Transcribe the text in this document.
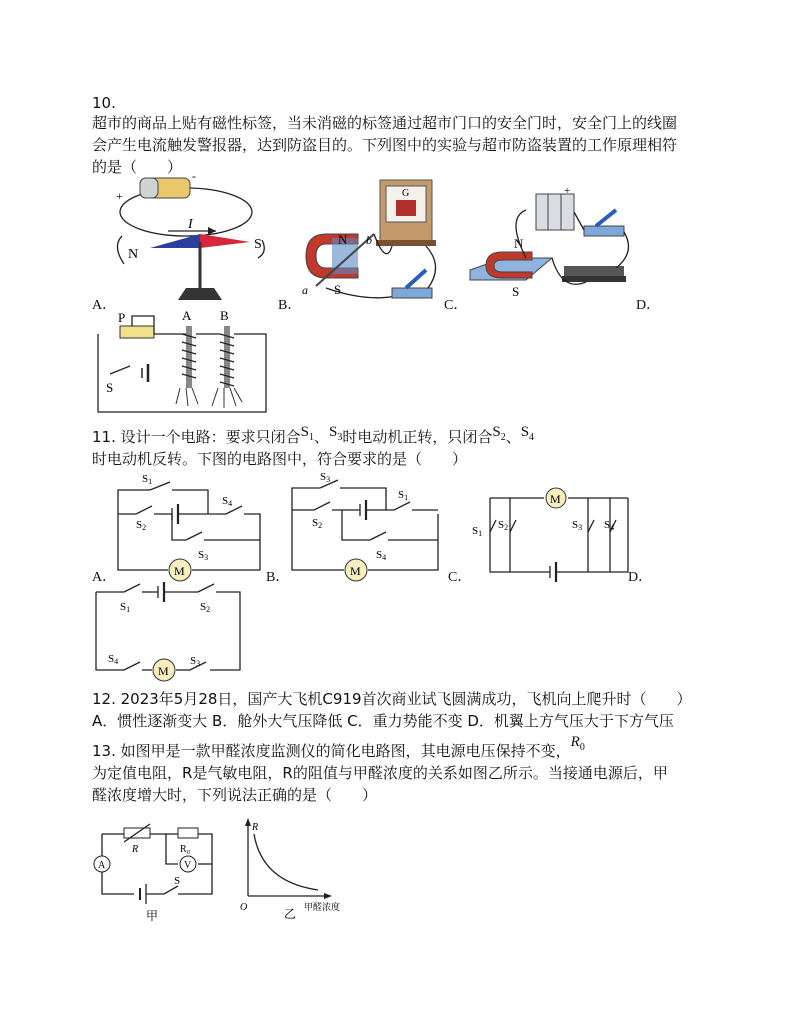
10.
超市的商品上贴有磁性标签，当未消磁的标签通过超市门口的安全门时，安全门上的线圈
会产生电流触发警报器，达到防盗目的。下列图中的实验与超市防盗装置的工作原理相符
的是（　　）
+
-
I
N
S
A．
G
N
S
a
b
B．
+
N
S
C．	D．
P	A B
S
11. 设计一个电路：要求只闭合$S_1$、$S_3$时电动机正转，只闭合$S_2$、$S_4$
时电动机反转。下图的电路图中，符合要求的是（　　）
M
S1
S2
S4
S3
A．	M
S3
S2
S1
S4
B．
M
S1
S2	S3 S4
C．	D．
S1	S2
M
S4	S3
12. 2023年5月28日，国产大飞机C919首次商业试飞圆满成功，飞机向上爬升时（　　）
A．惯性逐渐变大 B．舱外大气压降低 C．重力势能不变 D．机翼上方气压大于下方气压
13. 如图甲是一款甲醛浓度监测仪的简化电路图，其电源电压保持不变，$R_0$
为定值电阻，R是气敏电阻，R的阻值与甲醛浓度的关系如图乙所示。当接通电源后，甲
醛浓度增大时，下列说法正确的是（　　）
R	R₀
V
A
S
甲
R
O	甲醛浓度
乙
